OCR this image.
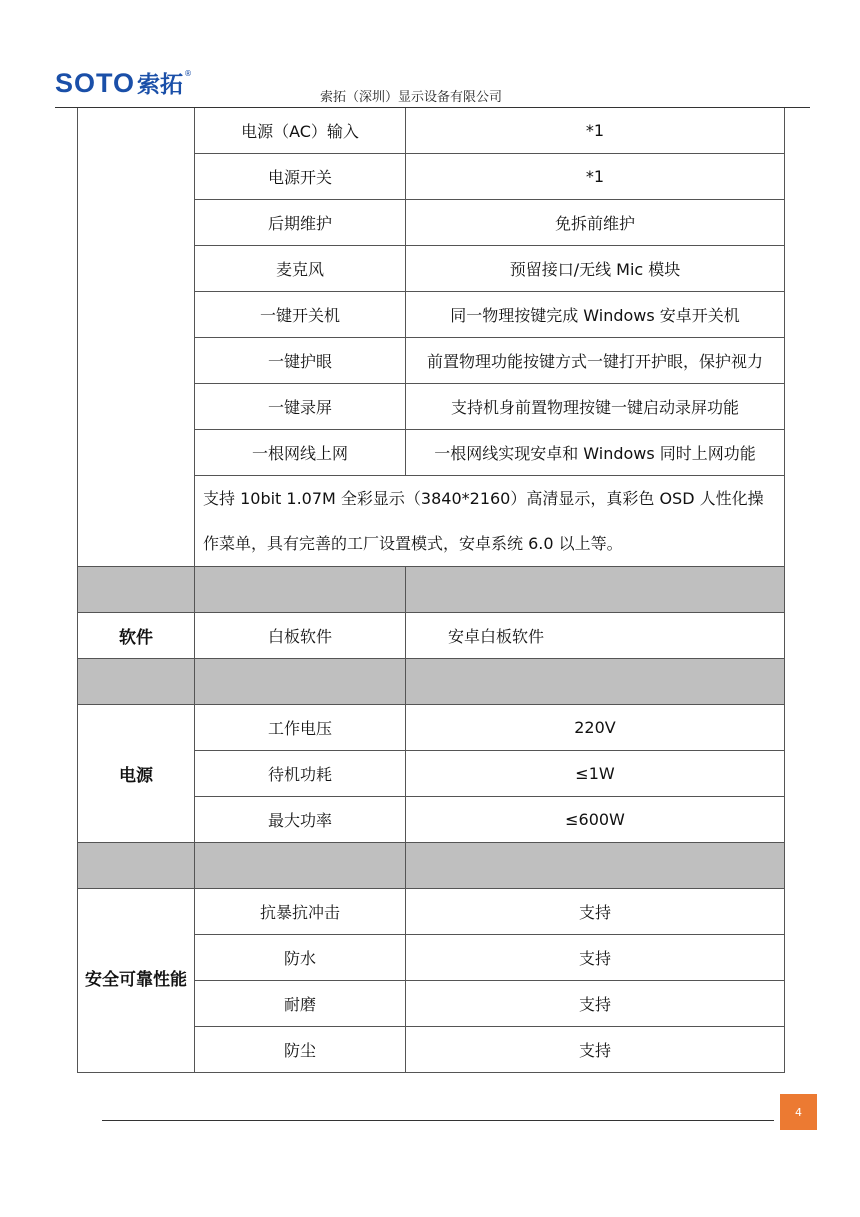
SOTO 索拓 ®
索拓（深圳）显示设备有限公司
	电源（AC）输入	*1
	电源开关	*1
	后期维护	免拆前维护
	麦克风	预留接口/无线 Mic 模块
	一键开关机	同一物理按键完成 Windows 安卓开关机
	一键护眼	前置物理功能按键方式一键打开护眼，保护视力
	一键录屏	支持机身前置物理按键一键启动录屏功能
	一根网线上网	一根网线实现安卓和 Windows 同时上网功能
	支持 10bit 1.07M 全彩显示（3840*2160）高清显示，真彩色 OSD 人性化操作菜单，具有完善的工厂设置模式，安卓系统 6.0 以上等。	

软件	白板软件	安卓白板软件

电源	工作电压	220V
	待机功耗	≤1W
	最大功率	≤600W

安全可靠性能	抗暴抗冲击	支持
	防水	支持
	耐磨	支持
	防尘	支持
4
